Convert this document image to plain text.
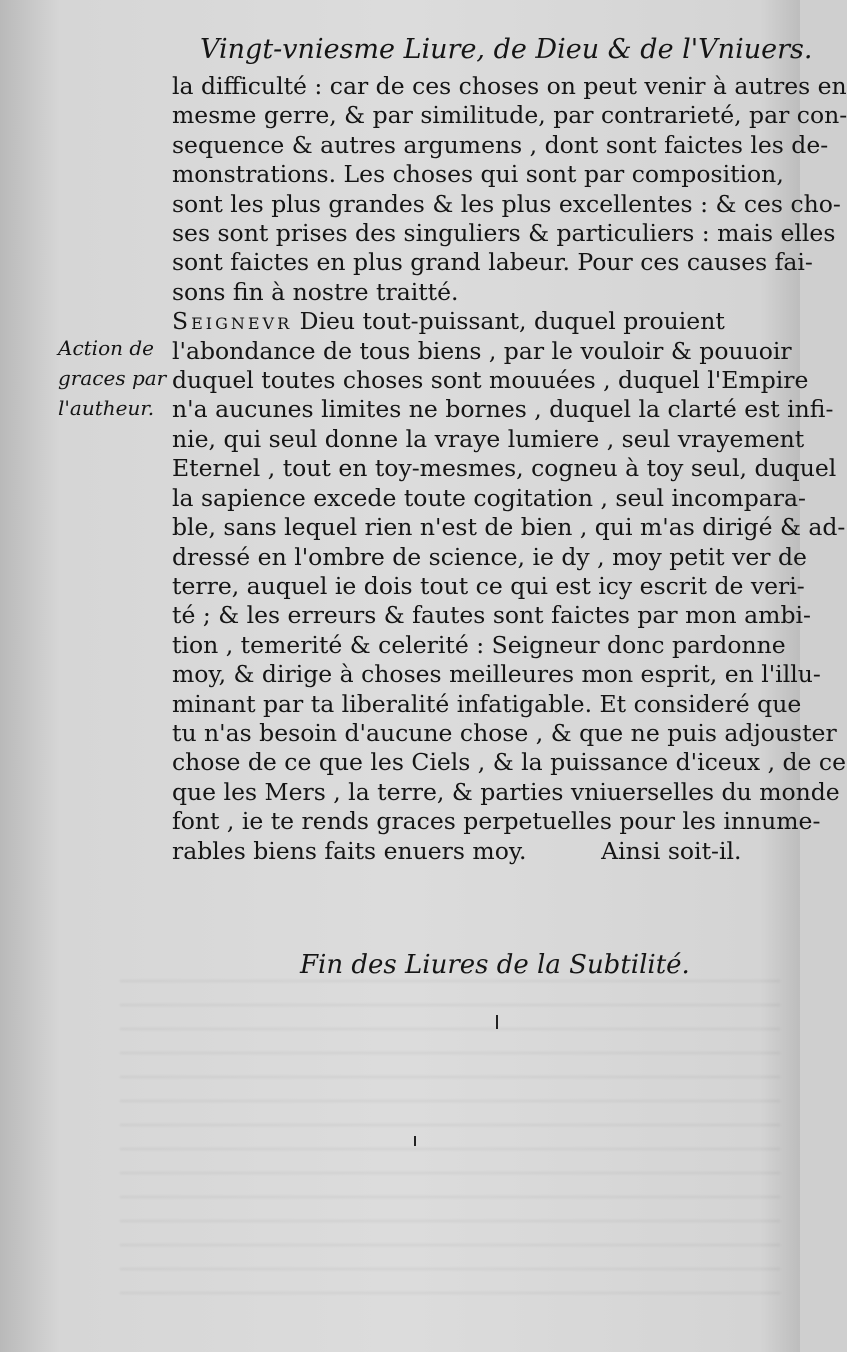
Vingt-vniesme Liure, de Dieu & de l'Vniuers.
la difficulté : car de ces choses on peut venir à autres en
mesme gerre, & par similitude, par contrarieté, par con-
sequence & autres argumens , dont sont faictes les de-
monstrations. Les choses qui sont par composition,
sont les plus grandes & les plus excellentes : & ces cho-
ses sont prises des singuliers & particuliers : mais elles
sont faictes en plus grand labeur. Pour ces causes fai-
sons fin à nostre traitté.
Seignevr Dieu tout-puissant, duquel prouient
l'abondance de tous biens , par le vouloir & pouuoir
duquel toutes choses sont mouuées , duquel l'Empire
n'a aucunes limites ne bornes , duquel la clarté est infi-
nie, qui seul donne la vraye lumiere , seul vrayement
Eternel , tout en toy-mesmes, cogneu à toy seul, duquel
la sapience excede toute cogitation , seul incompara-
ble, sans lequel rien n'est de bien , qui m'as dirigé & ad-
dressé en l'ombre de science, ie dy , moy petit ver de
terre, auquel ie dois tout ce qui est icy escrit de veri-
té ; & les erreurs & fautes sont faictes par mon ambi-
tion , temerité & celerité : Seigneur donc pardonne
moy, & dirige à choses meilleures mon esprit, en l'illu-
minant par ta liberalité infatigable. Et consideré que
tu n'as besoin d'aucune chose , & que ne puis adjouster
chose de ce que les Ciels , & la puissance d'iceux , de ce
que les Mers , la terre, & parties vniuerselles du monde
font , ie te rends graces perpetuelles pour les innume-
rables biens faits enuers moy.          Ainsi soit-il.
Action de
graces par
l'autheur.
Fin des Liures de la Subtilité.
